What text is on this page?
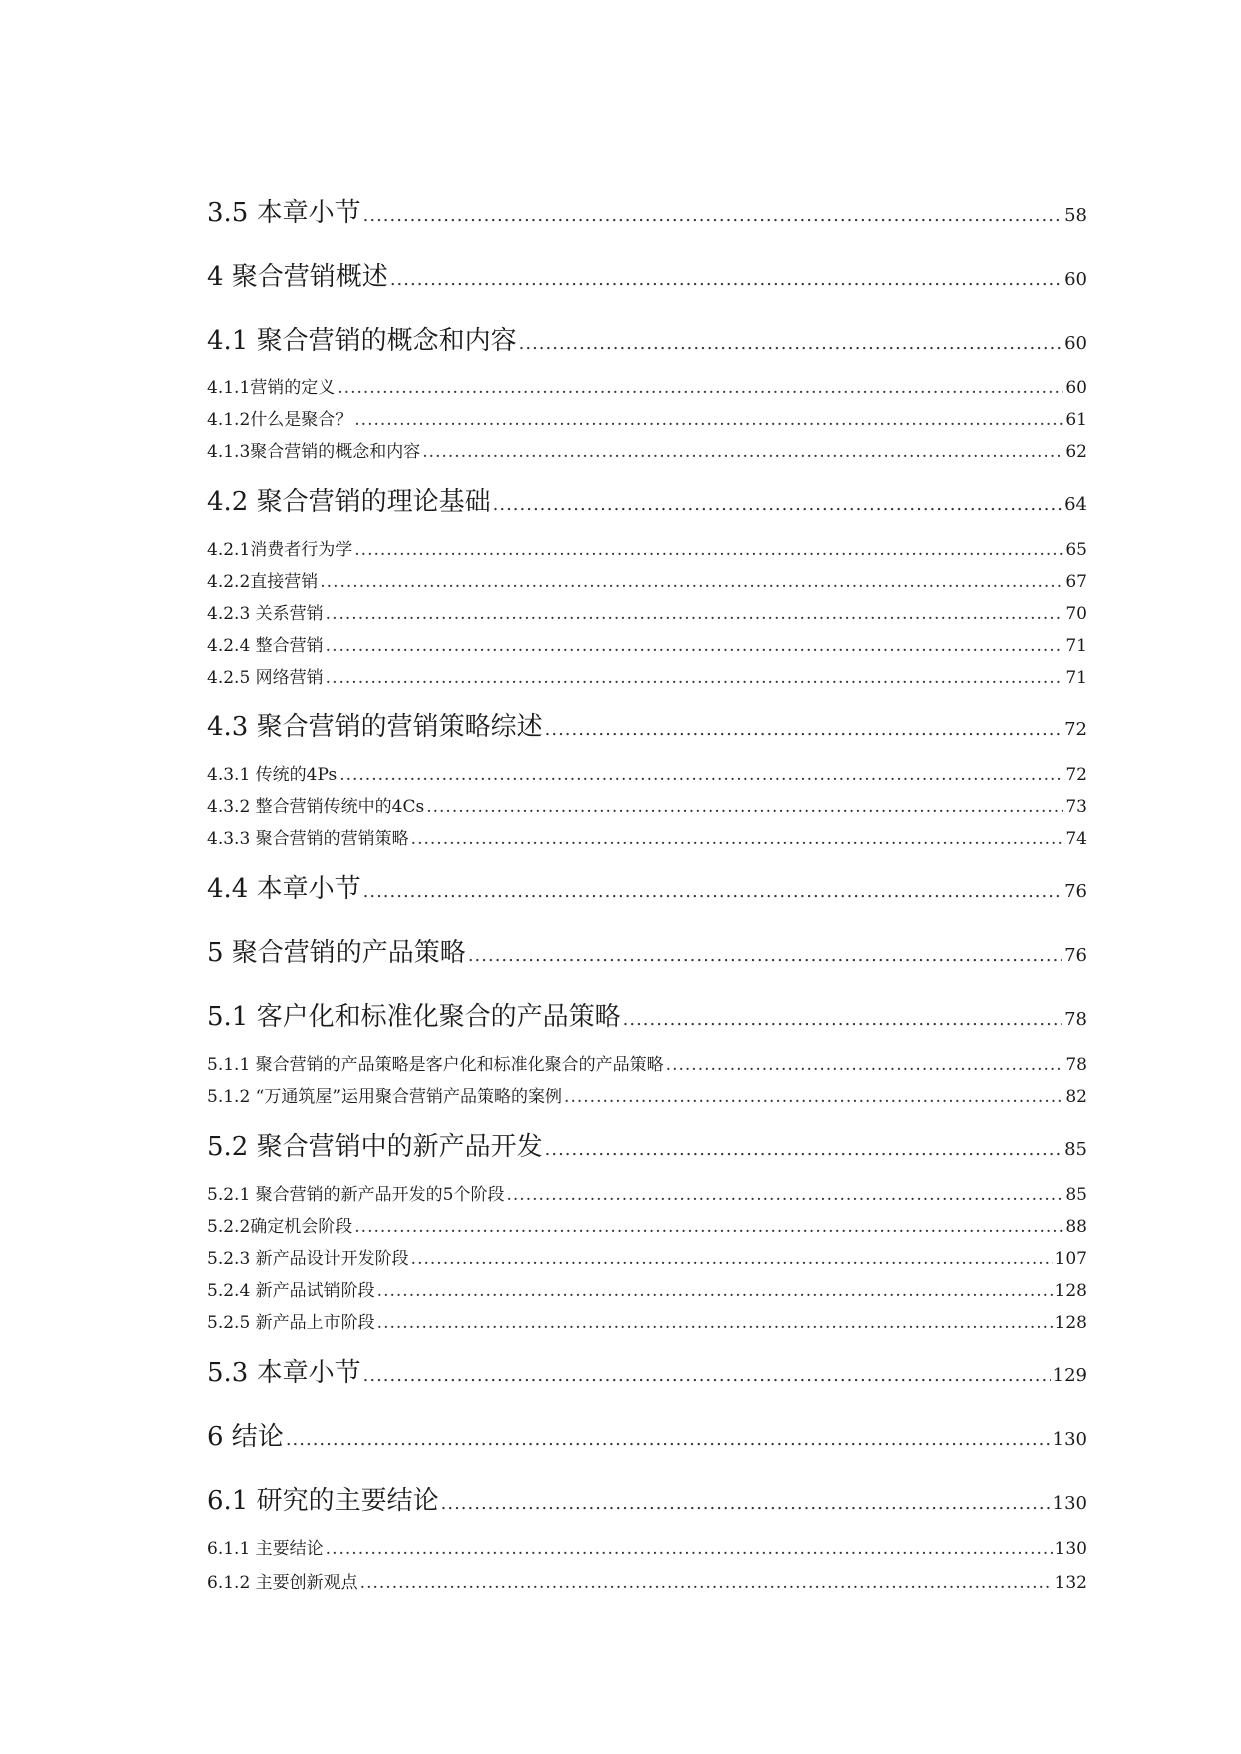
3.5 本章小节 .....	58
4 聚合营销概述 .....	60
4.1 聚合营销的概念和内容 .....	60
4.1.1营销的定义 .....	60
4.1.2什么是聚合？ .....	61
4.1.3聚合营销的概念和内容 .....	62
4.2 聚合营销的理论基础 .....	64
4.2.1消费者行为学 .....	65
4.2.2直接营销 .....	67
4.2.3 关系营销 .....	70
4.2.4 整合营销 .....	71
4.2.5 网络营销 .....	71
4.3 聚合营销的营销策略综述 .....	72
4.3.1 传统的4Ps .....	72
4.3.2 整合营销传统中的4Cs .....	73
4.3.3 聚合营销的营销策略 .....	74
4.4 本章小节 .....	76
5 聚合营销的产品策略 .....	76
5.1 客户化和标准化聚合的产品策略 .....	78
5.1.1 聚合营销的产品策略是客户化和标准化聚合的产品策略 .....	78
5.1.2 “万通筑屋”运用聚合营销产品策略的案例 .....	82
5.2 聚合营销中的新产品开发 .....	85
5.2.1 聚合营销的新产品开发的5个阶段 .....	85
5.2.2确定机会阶段 .....	88
5.2.3 新产品设计开发阶段 .....	107
5.2.4 新产品试销阶段 .....	128
5.2.5 新产品上市阶段 .....	128
5.3 本章小节 .....	129
6 结论 .....	130
6.1 研究的主要结论 .....	130
6.1.1 主要结论 .....	130
6.1.2 主要创新观点 .....	132
